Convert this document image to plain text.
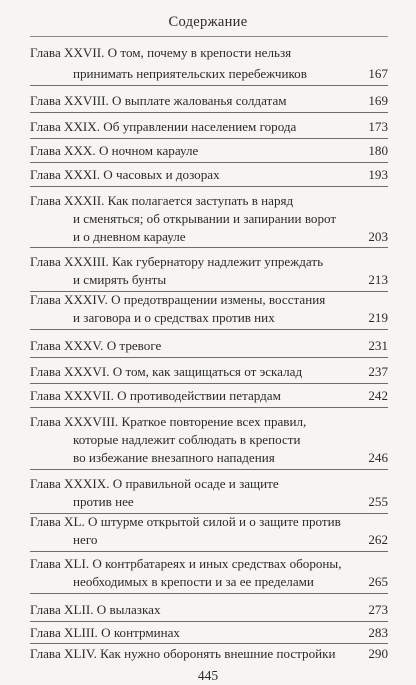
Содержание
Глава XXVII. О том, почему в крепости нельзя
принимать неприятельских перебежчиков	167
Глава XXVIII. О выплате жалованья солдатам	169
Глава XXIX. Об управлении населением города	173
Глава XXX. О ночном карауле	180
Глава XXXI. О часовых и дозорах	193
Глава XXXII. Как полагается заступать в наряд
и сменяться; об открывании и запирании ворот
и о дневном карауле	203
Глава XXXIII. Как губернатору надлежит упреждать
и смирять бунты	213
Глава XXXIV. О предотвращении измены, восстания
и заговора и о средствах против них	219
Глава XXXV. О тревоге	231
Глава XXXVI. О том, как защищаться от эскалад	237
Глава XXXVII. О противодействии петардам	242
Глава XXXVIII. Краткое повторение всех правил,
которые надлежит соблюдать в крепости
во избежание внезапного нападения	246
Глава XXXIX. О правильной осаде и защите
против нее	255
Глава XL. О штурме открытой силой и о защите против
него	262
Глава XLI. О контрбатареях и иных средствах обороны,
необходимых в крепости и за ее пределами	265
Глава XLII. О вылазках	273
Глава XLIII. О контрминах	283
Глава XLIV. Как нужно оборонять внешние постройки	290
445
